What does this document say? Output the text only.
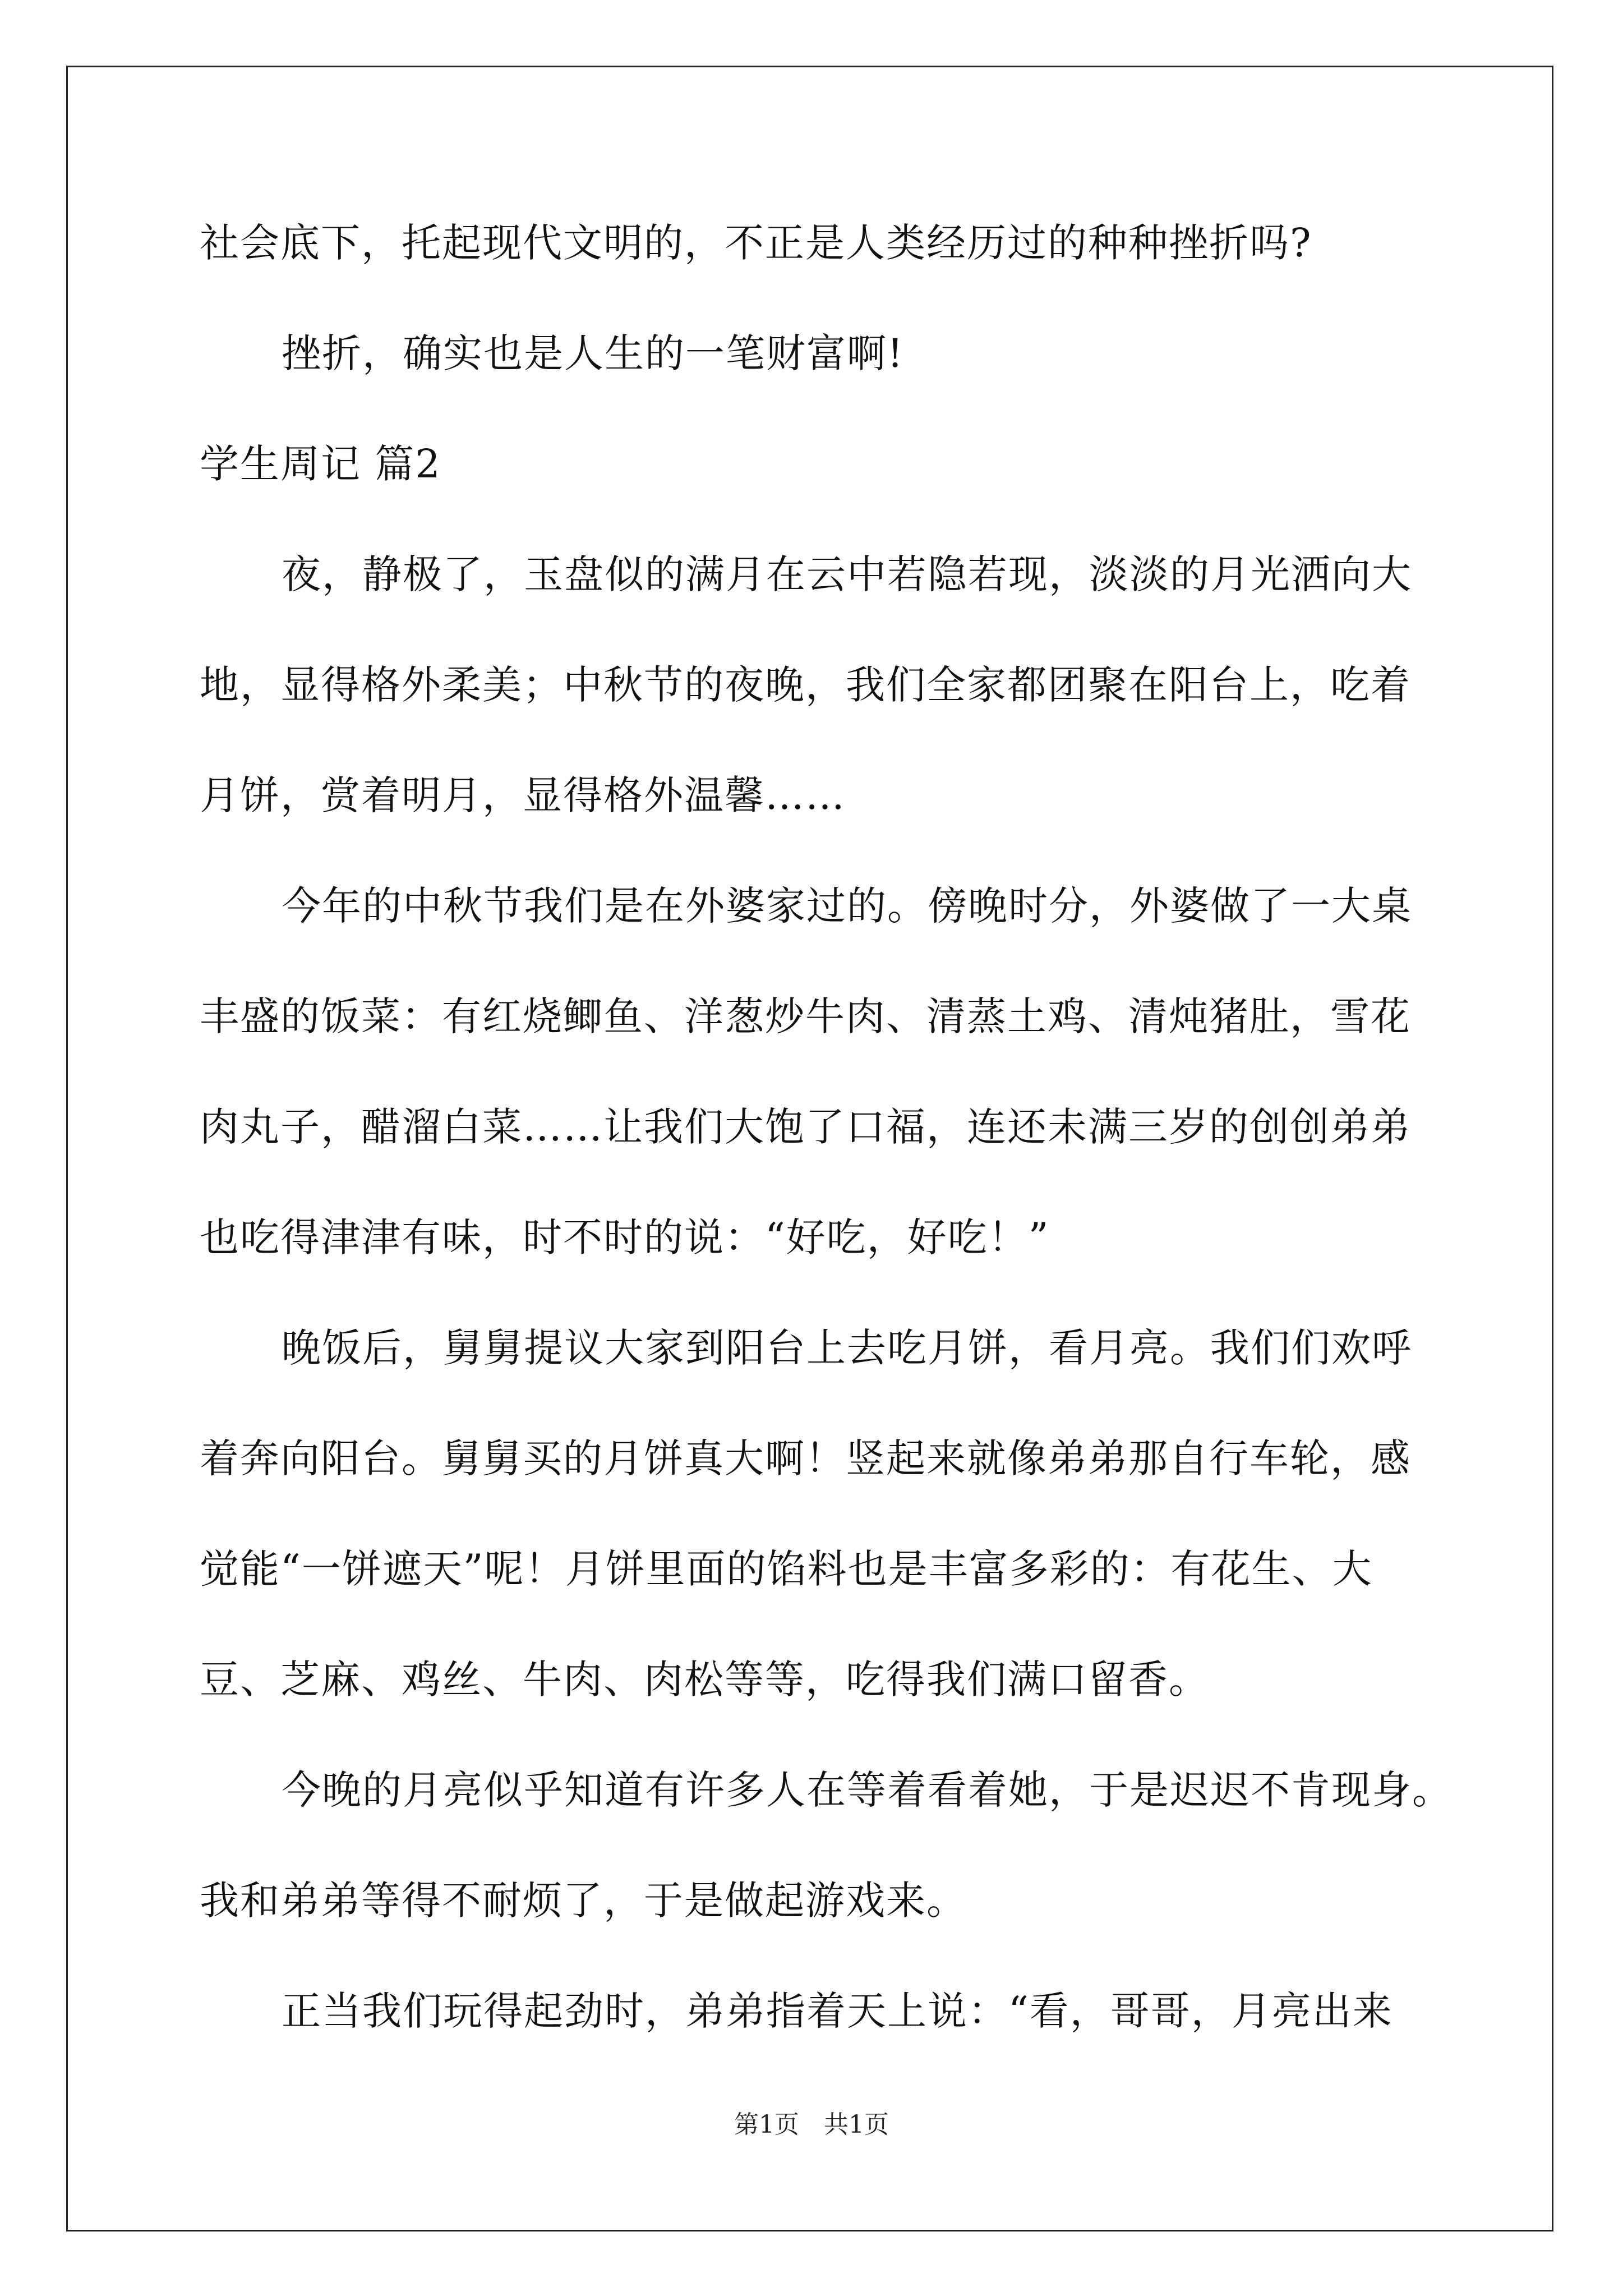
社会底下，托起现代文明的，不正是人类经历过的种种挫折吗?
挫折，确实也是人生的一笔财富啊!
学生周记 篇2
夜，静极了，玉盘似的满月在云中若隐若现，淡淡的月光洒向大
地，显得格外柔美；中秋节的夜晚，我们全家都团聚在阳台上，吃着
月饼，赏着明月，显得格外温馨……
今年的中秋节我们是在外婆家过的。傍晚时分，外婆做了一大桌
丰盛的饭菜：有红烧鲫鱼、洋葱炒牛肉、清蒸土鸡、清炖猪肚，雪花
肉丸子，醋溜白菜……让我们大饱了口福，连还未满三岁的创创弟弟
也吃得津津有味，时不时的说：“好吃，好吃！”
晚饭后，舅舅提议大家到阳台上去吃月饼，看月亮。我们们欢呼
着奔向阳台。舅舅买的月饼真大啊！竖起来就像弟弟那自行车轮，感
觉能“一饼遮天”呢！月饼里面的馅料也是丰富多彩的：有花生、大
豆、芝麻、鸡丝、牛肉、肉松等等，吃得我们满口留香。
今晚的月亮似乎知道有许多人在等着看着她，于是迟迟不肯现身。
我和弟弟等得不耐烦了，于是做起游戏来。
正当我们玩得起劲时，弟弟指着天上说：“看，哥哥，月亮出来
第1页　共1页
